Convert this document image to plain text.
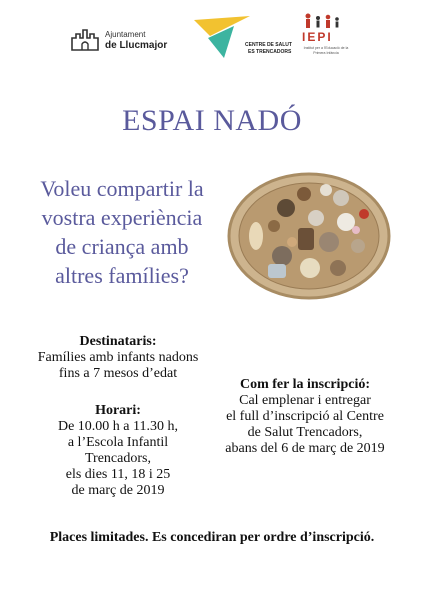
Ajuntament
de Llucmajor	CENTRE DE SALUT
ES TRENCADORS
IEPI
Institut per a l'Educació de la Primera Infància
ESPAI NADÓ
Voleu compartir la
vostra experiència
de criança amb
altres famílies?
Destinataris:
Famílies amb infants nadons
fins a 7 mesos d’edat
Horari:
De 10.00 h a 11.30 h,
a l’Escola Infantil
Trencadors,
els dies 11, 18 i 25
de març de 2019
Com fer la inscripció:
Cal emplenar i entregar
el full d’inscripció al Centre
de Salut Trencadors,
abans del 6 de març de 2019
Places limitades. Es concediran per ordre d’inscripció.
